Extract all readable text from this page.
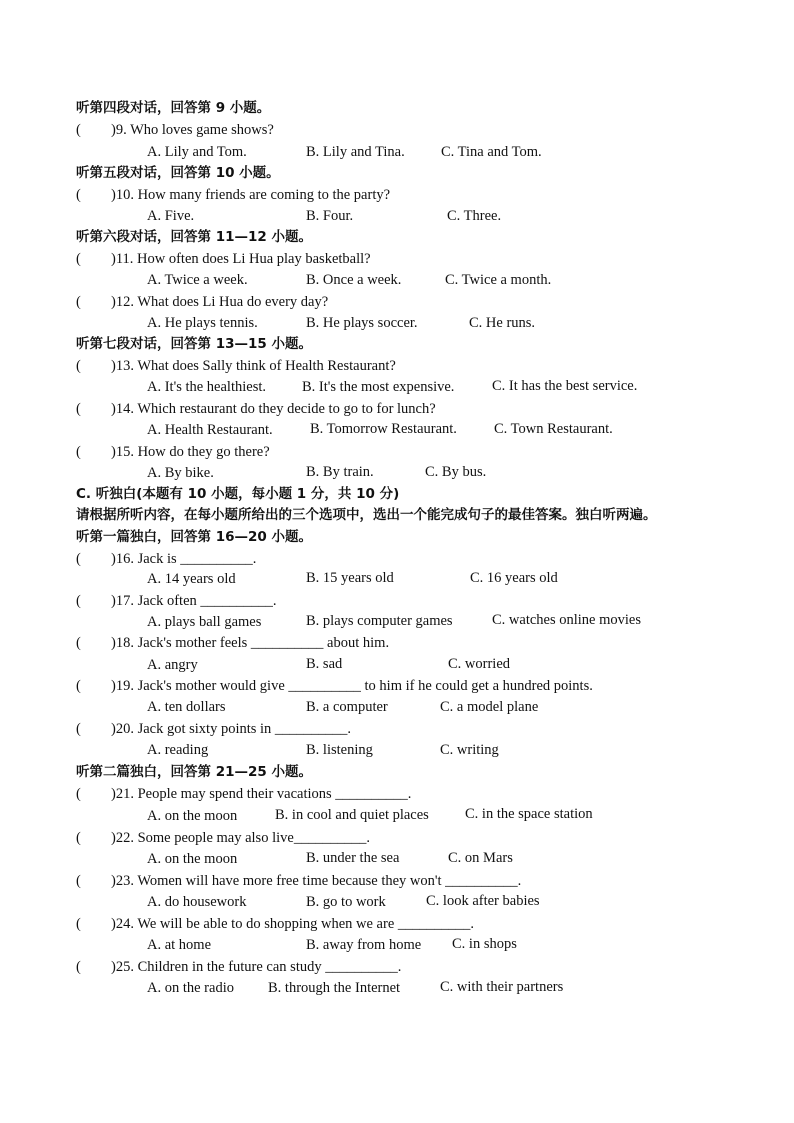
听第四段对话，回答第 9 小题。
( )9. Who loves game shows?
A. Lily and Tom.	B. Lily and Tina.	C. Tina and Tom.
听第五段对话，回答第 10 小题。
( )10. How many friends are coming to the party?
A. Five.	B. Four.	C. Three.
听第六段对话，回答第 11—12 小题。
( )11. How often does Li Hua play basketball?
A. Twice a week.	B. Once a week.	C. Twice a month.
( )12. What does Li Hua do every day?
A. He plays tennis.	B. He plays soccer.	C. He runs.
听第七段对话，回答第 13—15 小题。
( )13. What does Sally think of Health Restaurant?
A. It's the healthiest. B. It's the most expensive.	C. It has the best service.
( )14. Which restaurant do they decide to go to for lunch?
A. Health Restaurant.	B. Tomorrow Restaurant.	C. Town Restaurant.
( )15. How do they go there?
A. By bike.	B. By train.	C. By bus.
C. 听独白(本题有 10 小题，每小题 1 分，共 10 分)
请根据所听内容，在每小题所给出的三个选项中，选出一个能完成句子的最佳答案。独白听两遍。
听第一篇独白，回答第 16—20 小题。
( )16. Jack is __________.
A. 14 years old	B. 15 years old	C. 16 years old
( )17. Jack often __________.
A. plays ball games	B. plays computer games	C. watches online movies
( )18. Jack's mother feels __________ about him.
A. angry	B. sad	C. worried
( )19. Jack's mother would give __________ to him if he could get a hundred points.
A. ten dollars	B. a computer	C. a model plane
( )20. Jack got sixty points in __________.
A. reading	B. listening	C. writing
听第二篇独白，回答第 21—25 小题。
( )21. People may spend their vacations __________.
A. on the moon	B. in cool and quiet places C. in the space station
( )22. Some people may also live__________.
A. on the moon	B. under the sea	C. on Mars
( )23. Women will have more free time because they won't __________.
A. do housework	B. go to work	C. look after babies
( )24. We will be able to do shopping when we are __________.
A. at home	B. away from home C. in shops
( )25. Children in the future can study __________.
A. on the radio B. through the Internet	C. with their partners
